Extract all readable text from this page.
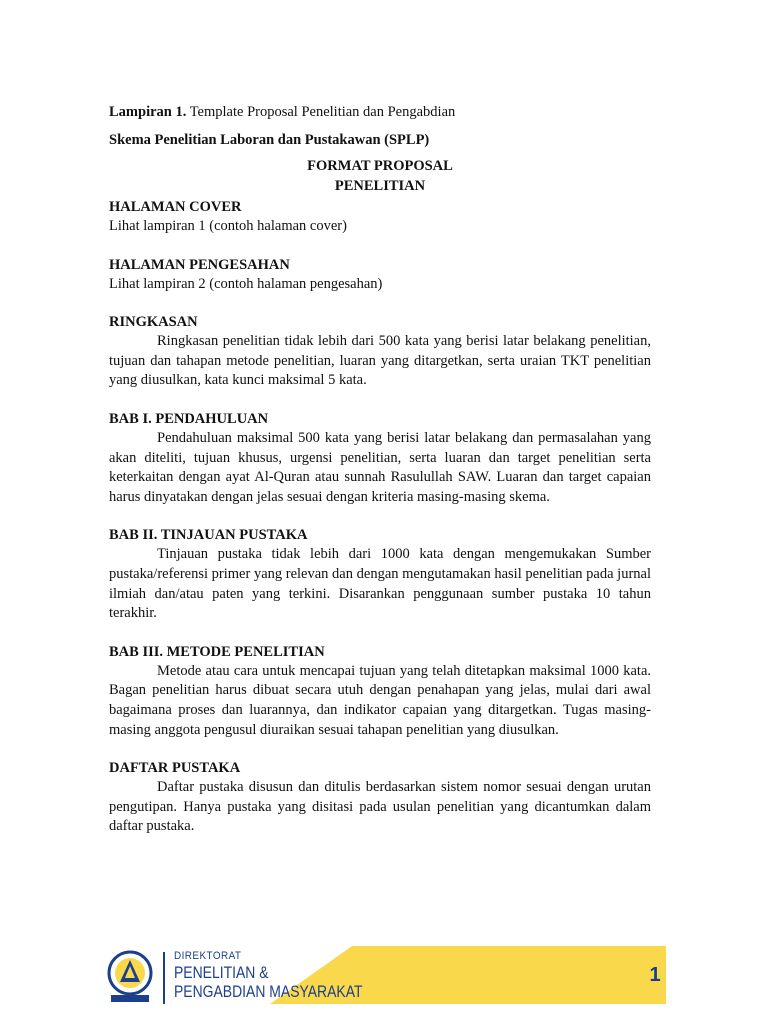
Lampiran 1. Template Proposal Penelitian dan Pengabdian

Skema Penelitian Laboran dan Pustakawan (SPLP)

FORMAT PROPOSAL

PENELITIAN

HALAMAN COVER

Lihat lampiran 1 (contoh halaman cover)

HALAMAN PENGESAHAN

Lihat lampiran 2 (contoh halaman pengesahan)

RINGKASAN

Ringkasan penelitian tidak lebih dari 500 kata yang berisi latar belakang penelitian, tujuan dan tahapan metode penelitian, luaran yang ditargetkan, serta uraian TKT penelitian yang diusulkan, kata kunci maksimal 5 kata.

BAB I. PENDAHULUAN

Pendahuluan maksimal 500 kata yang berisi latar belakang dan permasalahan yang akan diteliti, tujuan khusus, urgensi penelitian, serta luaran dan target penelitian serta keterkaitan dengan ayat Al-Quran atau sunnah Rasulullah SAW. Luaran dan target capaian harus dinyatakan dengan jelas sesuai dengan kriteria masing-masing skema.

BAB II. TINJAUAN PUSTAKA

Tinjauan pustaka tidak lebih dari 1000 kata dengan mengemukakan Sumber pustaka/referensi primer yang relevan dan dengan mengutamakan hasil penelitian pada jurnal ilmiah dan/atau paten yang terkini. Disarankan penggunaan sumber pustaka 10 tahun terakhir.

BAB III. METODE PENELITIAN

Metode atau cara untuk mencapai tujuan yang telah ditetapkan maksimal 1000 kata. Bagan penelitian harus dibuat secara utuh dengan penahapan yang jelas, mulai dari awal bagaimana proses dan luarannya, dan indikator capaian yang ditargetkan. Tugas masing-masing anggota pengusul diuraikan sesuai tahapan penelitian yang diusulkan.

DAFTAR PUSTAKA

Daftar pustaka disusun dan ditulis berdasarkan sistem nomor sesuai dengan urutan pengutipan. Hanya pustaka yang disitasi pada usulan penelitian yang dicantumkan dalam daftar pustaka.

1
DIREKTORAT
PENELITIAN &
PENGABDIAN MASYARAKAT
